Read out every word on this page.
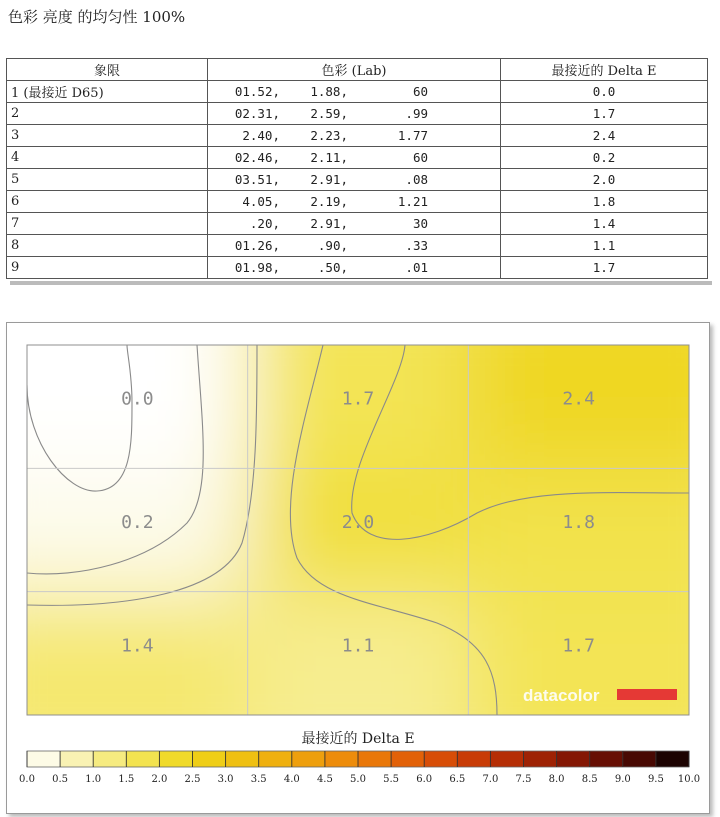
色彩 亮度 的均匀性 100%
象限	色彩 (Lab)	最接近的 Delta E
1 (最接近 D65)	01.52, 1.88, 60	0.0
2	02.31, 2.59, .99	1.7
3	2.40, 2.23, 1.77	2.4
4	02.46, 2.11, 60	0.2
5	03.51, 2.91, .08	2.0
6	4.05, 2.19, 1.21	1.8
7	.20, 2.91, 30	1.4
8	01.26, .90, .33	1.1
9	01.98, .50, .01	1.7
0.0	1.7	2.4
0.2	2.0	1.8
1.4	1.1	1.7
datacolor
最接近的 Delta E
0.0 0.5 1.0 1.5 2.0 2.5 3.0 3.5 4.0 4.5 5.0 5.5 6.0 6.5 7.0 7.5 8.0 8.5 9.0 9.5 10.0
